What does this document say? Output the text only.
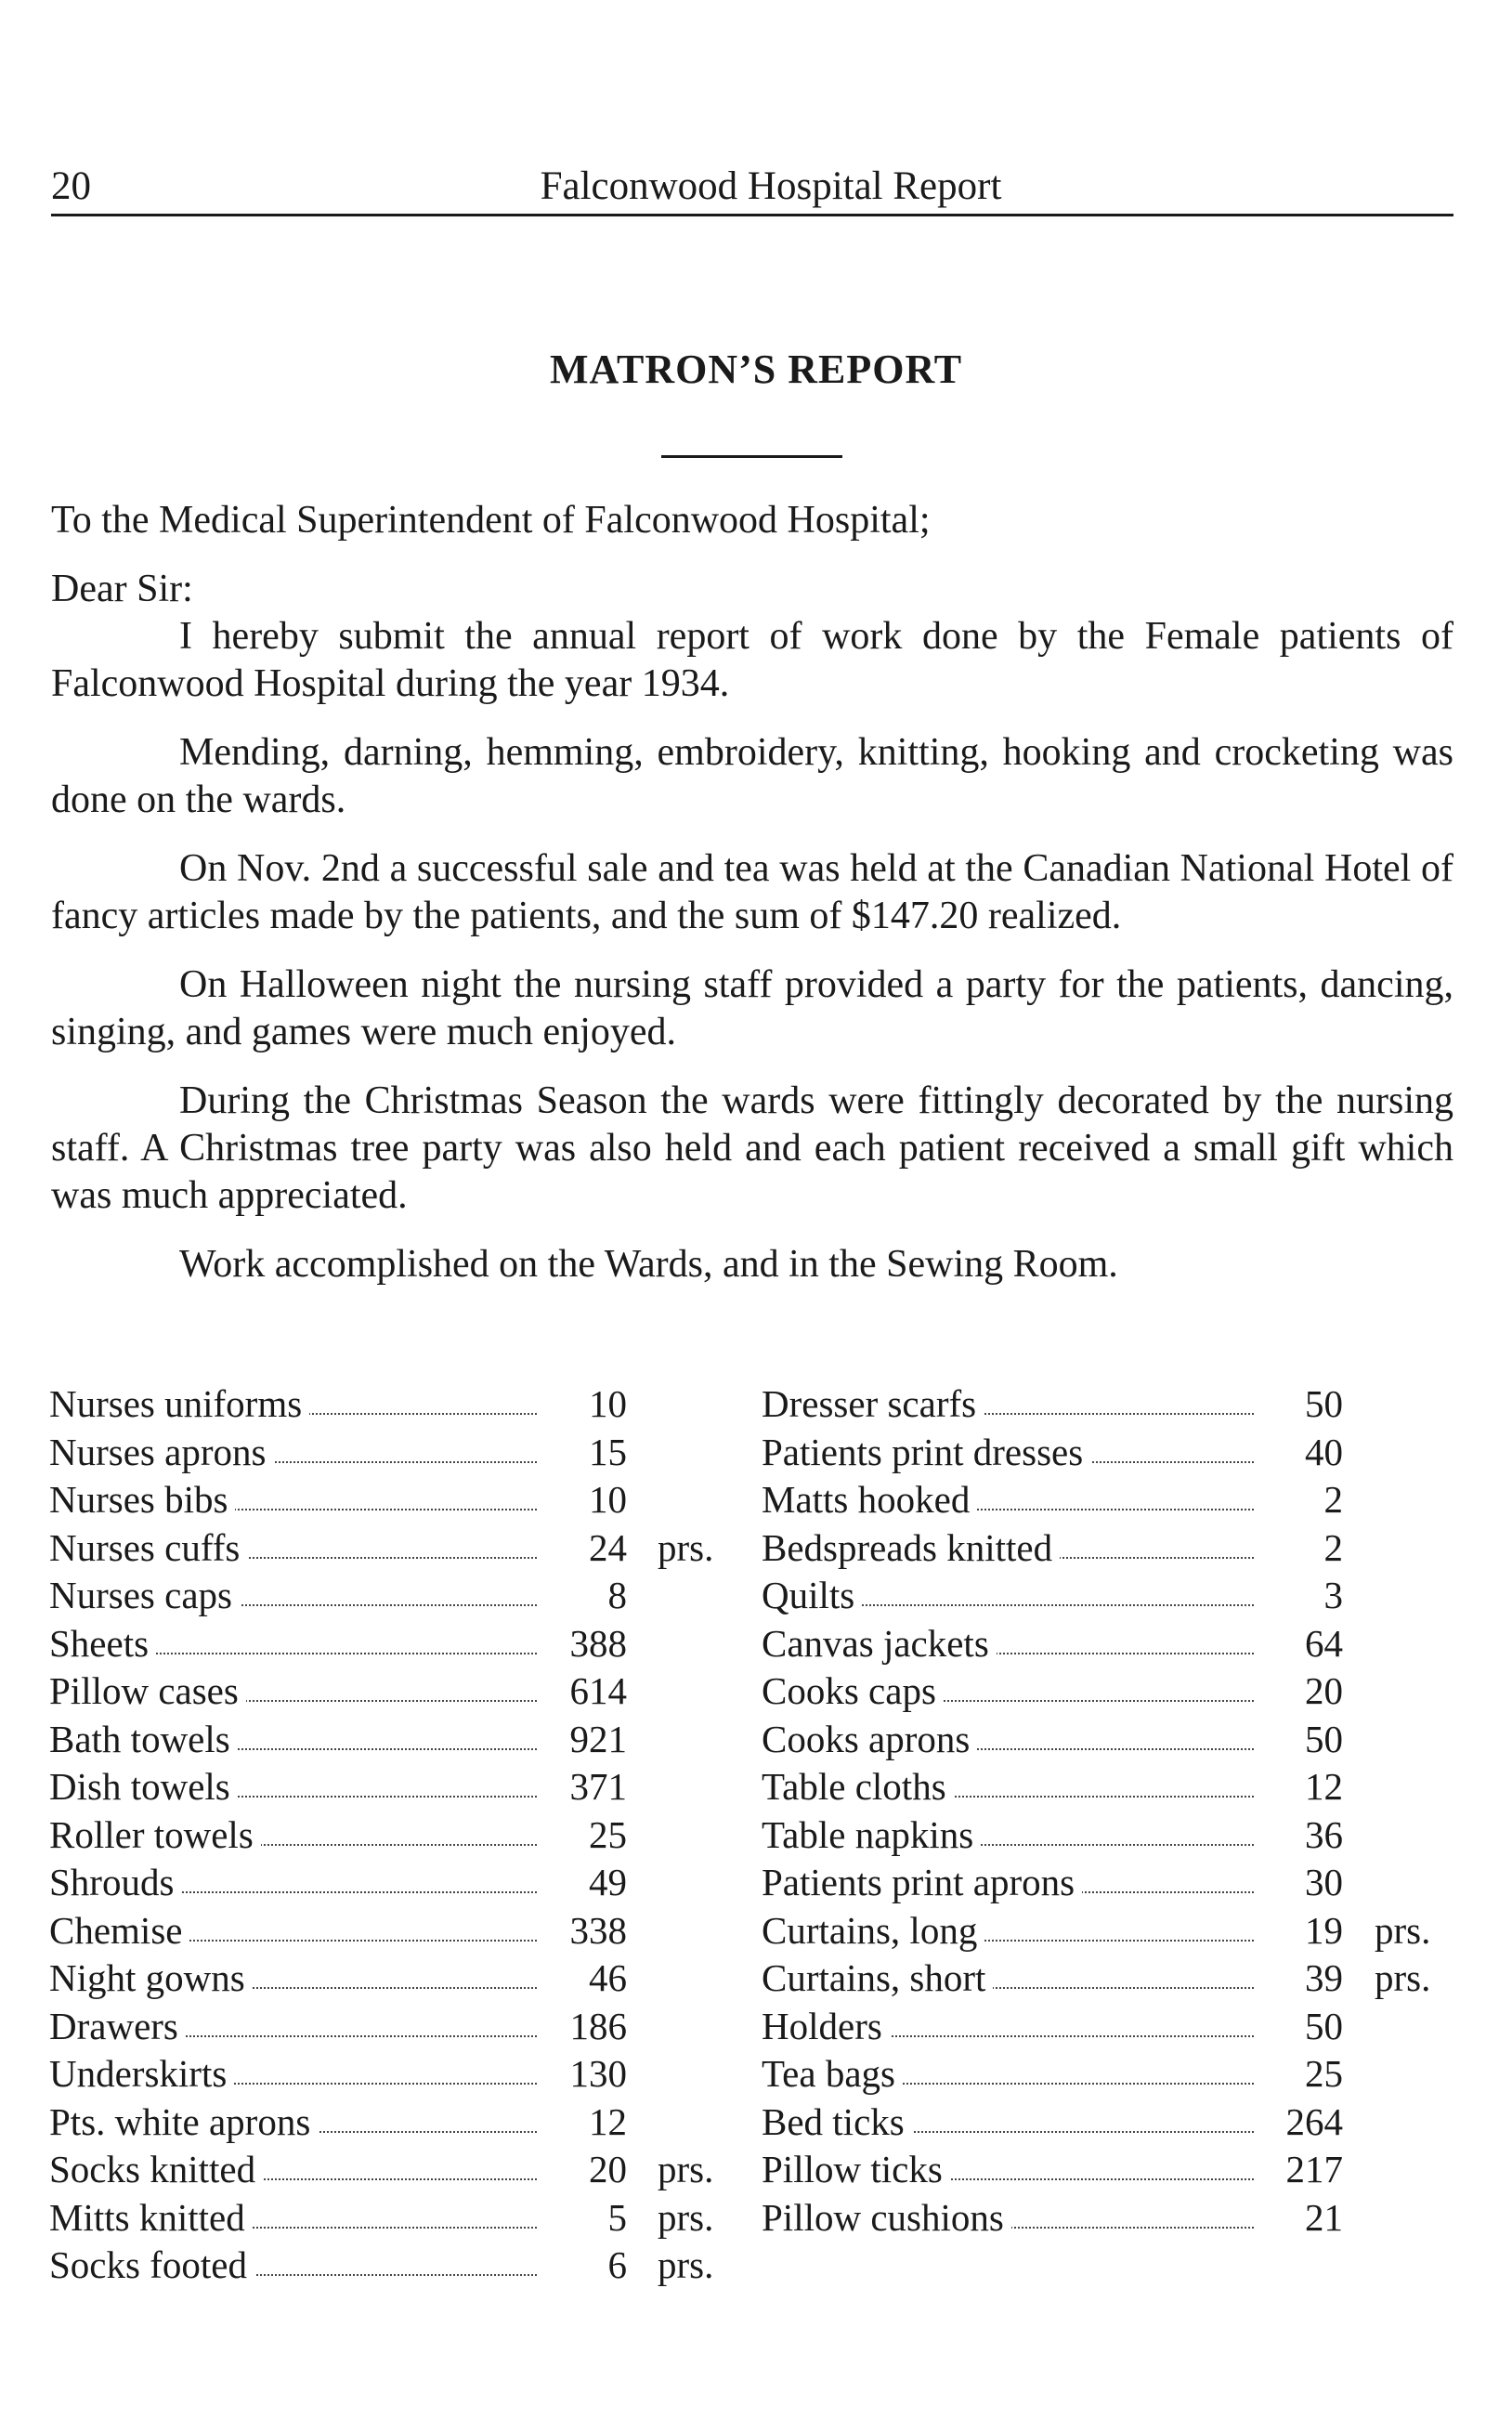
20	Falconwood Hospital Report
MATRON’S REPORT

To the Medical Superintendent of Falconwood Hospital;

Dear Sir:

I hereby submit the annual report of work done by the Female patients of Falconwood Hospital during the year 1934.

Mending, darning, hemming, embroidery, knitting, hooking and crocketing was done on the wards.

On Nov. 2nd a successful sale and tea was held at the Canadian National Hotel of fancy articles made by the patients, and the sum of $147.20 realized.

On Halloween night the nursing staff provided a party for the patients, dancing, singing, and games were much enjoyed.

During the Christmas Season the wards were fittingly decorated by the nursing staff. A Christmas tree party was also held and each patient received a small gift which was much appreciated.

Work accomplished on the Wards, and in the Sewing Room.

Nurses uniforms	10
Nurses aprons	15
Nurses bibs	10
Nurses cuffs	24 prs.
Nurses caps	8
Sheets	388
Pillow cases	614
Bath towels	921
Dish towels	371
Roller towels	25
Shrouds	49
Chemise	338
Night gowns	46
Drawers	186
Underskirts	130
Pts. white aprons	12
Socks knitted	20 prs.
Mitts knitted	5 prs.
Socks footed	6 prs.
Dresser scarfs	50
Patients print dresses	40
Matts hooked	2
Bedspreads knitted	2
Quilts	3
Canvas jackets	64
Cooks caps	20
Cooks aprons	50
Table cloths	12
Table napkins	36
Patients print aprons	30
Curtains, long	19 prs.
Curtains, short	39 prs.
Holders	50
Tea bags	25
Bed ticks	264
Pillow ticks	217
Pillow cushions	21
